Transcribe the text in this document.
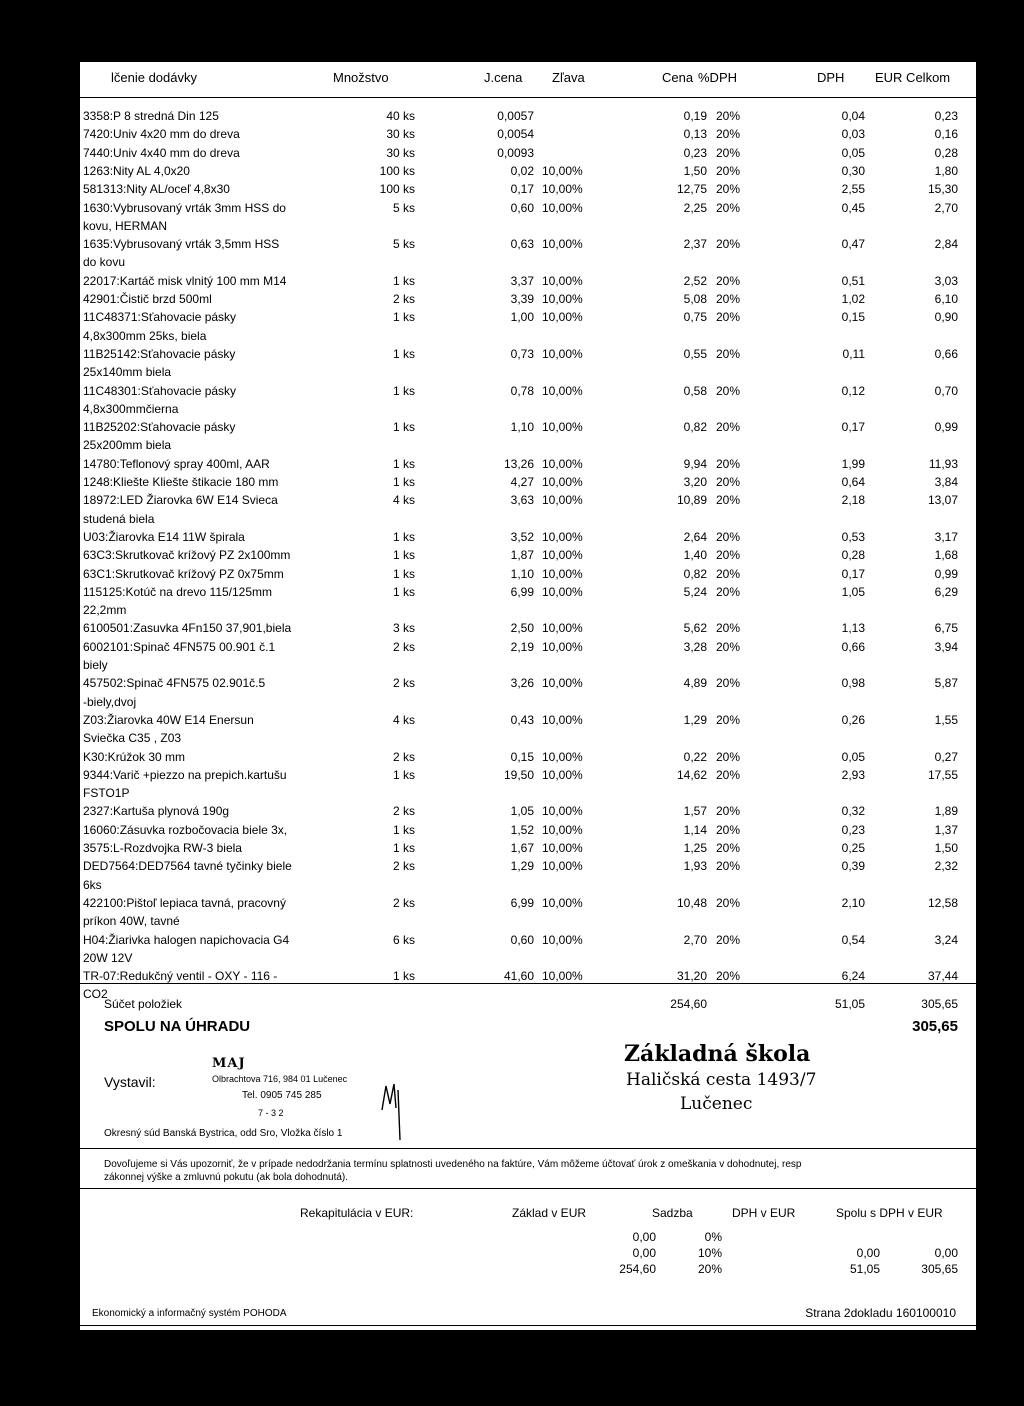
lčenie dodávky	Množstvo	J.cena Zľava	Cena %DPH	DPH EUR Celkom
3358:P 8 stredná Din 125	40 ks	0,0057	0,19 20%	0,04	0,23
7420:Univ 4x20 mm do dreva	30 ks	0,0054	0,13 20%	0,03	0,16
7440:Univ 4x40 mm do dreva	30 ks	0,0093	0,23 20%	0,05	0,28
1263:Nity AL 4,0x20	100 ks	0,02 10,00%	1,50 20%	0,30	1,80
581313:Nity AL/oceľ 4,8x30	100 ks	0,17 10,00%	12,75 20%	2,55	15,30
1630:Vybrusovaný vrták 3mm HSS do	5 ks	0,60 10,00%	2,25 20%	0,45	2,70
kovu, HERMAN
1635:Vybrusovaný vrták 3,5mm HSS	5 ks	0,63 10,00%	2,37 20%	0,47	2,84
do kovu
22017:Kartáč misk vlnitý 100 mm M14	1 ks	3,37 10,00%	2,52 20%	0,51	3,03
42901:Čistič brzd 500ml	2 ks	3,39 10,00%	5,08 20%	1,02	6,10
11C48371:Sťahovacie pásky	1 ks	1,00 10,00%	0,75 20%	0,15	0,90
4,8x300mm 25ks, biela
11B25142:Sťahovacie pásky	1 ks	0,73 10,00%	0,55 20%	0,11	0,66
25x140mm biela
11C48301:Sťahovacie pásky	1 ks	0,78 10,00%	0,58 20%	0,12	0,70
4,8x300mmčierna
11B25202:Sťahovacie pásky	1 ks	1,10 10,00%	0,82 20%	0,17	0,99
25x200mm biela
14780:Teflonový spray 400ml, AAR	1 ks	13,26 10,00%	9,94 20%	1,99	11,93
1248:Kliešte Kliešte štikacie 180 mm	1 ks	4,27 10,00%	3,20 20%	0,64	3,84
18972:LED Žiarovka 6W E14 Svieca	4 ks	3,63 10,00%	10,89 20%	2,18	13,07
studená biela
U03:Žiarovka E14 11W špirala	1 ks	3,52 10,00%	2,64 20%	0,53	3,17
63C3:Skrutkovač krížový PZ 2x100mm	1 ks	1,87 10,00%	1,40 20%	0,28	1,68
63C1:Skrutkovač krížový PZ 0x75mm	1 ks	1,10 10,00%	0,82 20%	0,17	0,99
115125:Kotúč na drevo 115/125mm	1 ks	6,99 10,00%	5,24 20%	1,05	6,29
22,2mm
6100501:Zasuvka 4Fn150 37,901,biela	3 ks	2,50 10,00%	5,62 20%	1,13	6,75
6002101:Spinač 4FN575 00.901 č.1	2 ks	2,19 10,00%	3,28 20%	0,66	3,94
biely
457502:Spinač 4FN575 02.901č.5	2 ks	3,26 10,00%	4,89 20%	0,98	5,87
-biely,dvoj
Z03:Žiarovka 40W E14 Enersun	4 ks	0,43 10,00%	1,29 20%	0,26	1,55
Sviečka C35 , Z03
K30:Krúžok 30 mm	2 ks	0,15 10,00%	0,22 20%	0,05	0,27
9344:Varič +piezzo na prepich.kartušu	1 ks	19,50 10,00%	14,62 20%	2,93	17,55
FSTO1P
2327:Kartuša plynová 190g	2 ks	1,05 10,00%	1,57 20%	0,32	1,89
16060:Zásuvka rozbočovacia biele 3x,	1 ks	1,52 10,00%	1,14 20%	0,23	1,37
3575:L-Rozdvojka RW-3 biela	1 ks	1,67 10,00%	1,25 20%	0,25	1,50
DED7564:DED7564 tavné tyčinky biele	2 ks	1,29 10,00%	1,93 20%	0,39	2,32
6ks
422100:Pištoľ lepiaca tavná, pracovný	2 ks	6,99 10,00%	10,48 20%	2,10	12,58
príkon 40W, tavné
H04:Žiarivka halogen napichovacia G4	6 ks	0,60 10,00%	2,70 20%	0,54	3,24
20W 12V
TR-07:Redukčný ventil - OXY - 116 -	1 ks	41,60 10,00%	31,20 20%	6,24	37,44
CO2
Súčet položiek	254,60	51,05	305,65
SPOLU NA ÚHRADU	305,65
Vystavil:
MAJ
Olbrachtova 716, 984 01 Lučenec
Tel. 0905 745 285
7 - 3 2
Okresný súd Banská Bystrica, odd Sro, Vložka číslo 1
Základná škola
Haličská cesta 1493/7
Lučenec
Dovoľujeme si Vás upozorniť, že v prípade nedodržania termínu splatnosti uvedeného na faktúre, Vám môžeme účtovať úrok z omeškania v dohodnutej, resp
zákonnej výške a zmluvnú pokutu (ak bola dohodnutá).
Rekapitulácia v EUR:	Základ v EUR	Sadzba	DPH v EUR	Spolu s DPH v EUR
0,00	0%
0,00	10%	0,00	0,00
254,60	20%	51,05	305,65
Ekonomický a informačný systém POHODA	Strana 2dokladu 160100010
